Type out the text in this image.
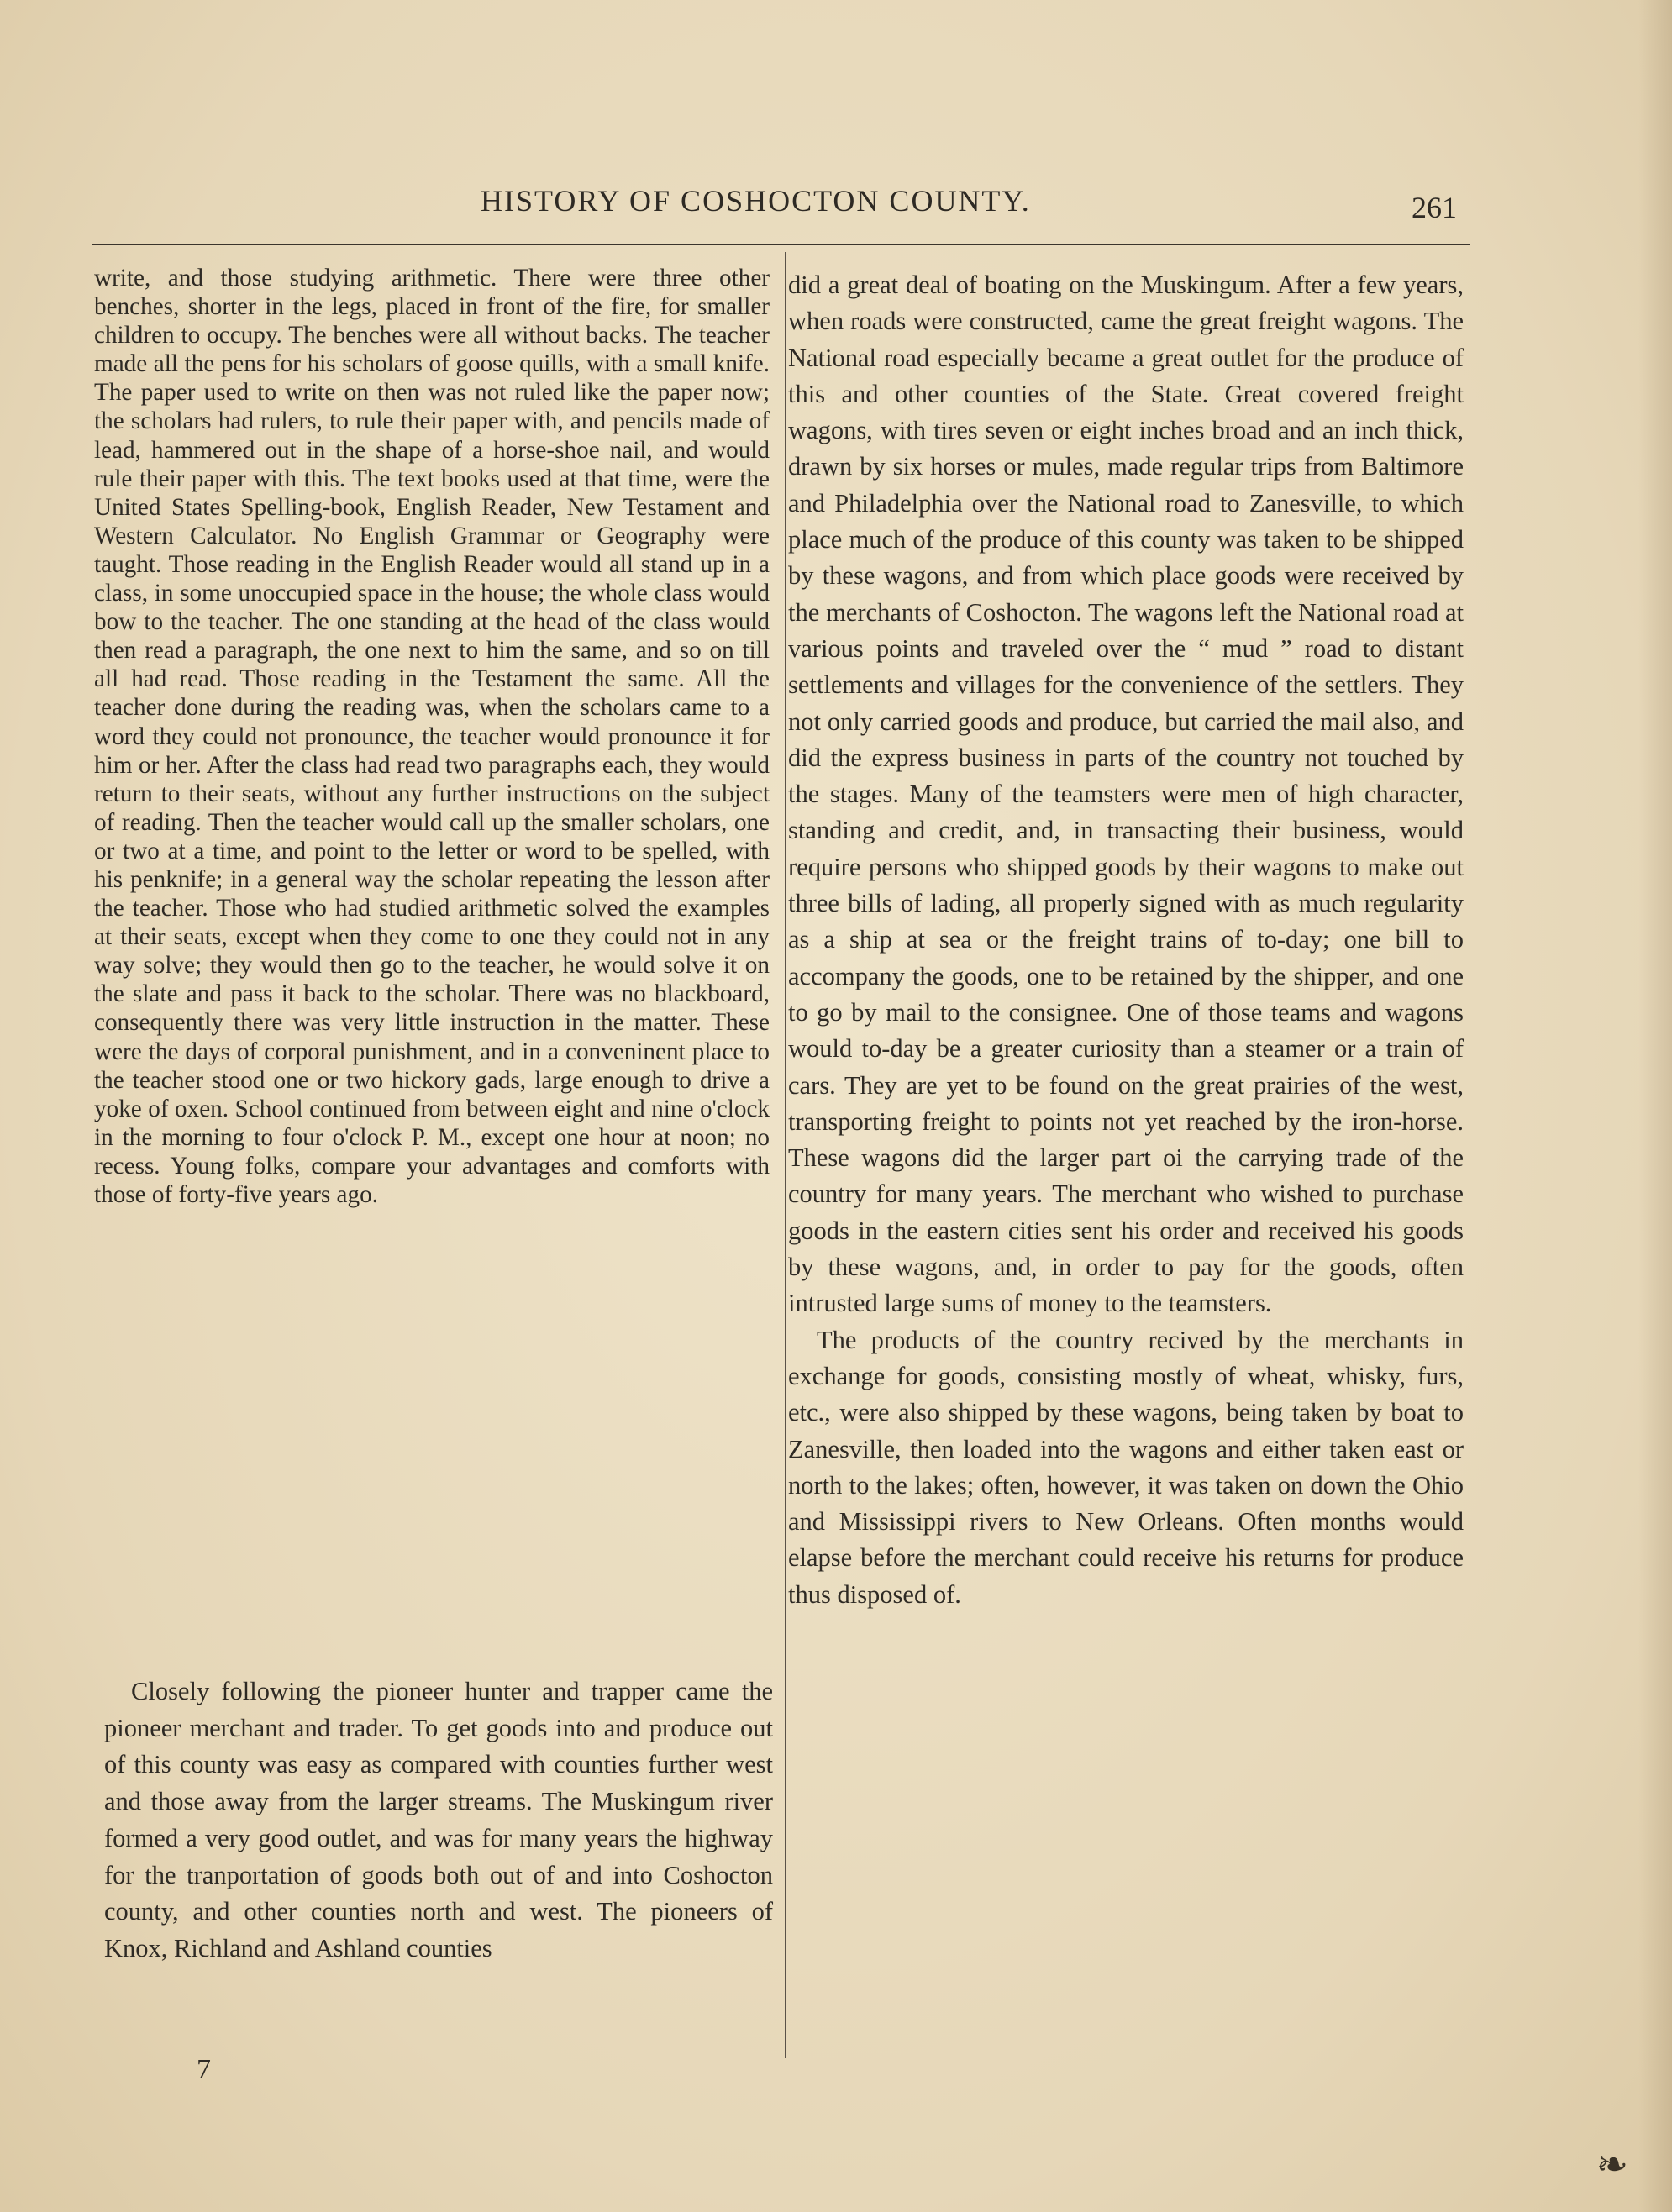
HISTORY OF COSHOCTON COUNTY.	261

write, and those studying arithmetic. There were three other benches, shorter in the legs, placed in front of the fire, for smaller children to occupy. The benches were all without backs. The teacher made all the pens for his scholars of goose quills, with a small knife. The paper used to write on then was not ruled like the paper now; the scholars had rulers, to rule their paper with, and pencils made of lead, hammered out in the shape of a horse-shoe nail, and would rule their paper with this. The text books used at that time, were the United States Spelling-book, English Reader, New Testament and Western Calculator. No English Grammar or Geography were taught. Those reading in the English Reader would all stand up in a class, in some unoccupied space in the house; the whole class would bow to the teacher. The one standing at the head of the class would then read a paragraph, the one next to him the same, and so on till all had read. Those reading in the Testament the same. All the teacher done during the reading was, when the scholars came to a word they could not pronounce, the teacher would pronounce it for him or her. After the class had read two paragraphs each, they would return to their seats, without any further instructions on the subject of reading. Then the teacher would call up the smaller scholars, one or two at a time, and point to the letter or word to be spelled, with his penknife; in a general way the scholar repeating the lesson after the teacher. Those who had studied arithmetic solved the examples at their seats, except when they come to one they could not in any way solve; they would then go to the teacher, he would solve it on the slate and pass it back to the scholar. There was no blackboard, consequently there was very little instruction in the matter. These were the days of corporal punishment, and in a conveninent place to the teacher stood one or two hickory gads, large enough to drive a yoke of oxen. School continued from between eight and nine o'clock in the morning to four o'clock P. M., except one hour at noon; no recess. Young folks, compare your advantages and comforts with those of forty-five years ago.

Closely following the pioneer hunter and trapper came the pioneer merchant and trader. To get goods into and produce out of this county was easy as compared with counties further west and those away from the larger streams. The Muskingum river formed a very good outlet, and was for many years the highway for the tranportation of goods both out of and into Coshocton county, and other counties north and west. The pioneers of Knox, Richland and Ashland counties

did a great deal of boating on the Muskingum. After a few years, when roads were constructed, came the great freight wagons. The National road especially became a great outlet for the produce of this and other counties of the State. Great covered freight wagons, with tires seven or eight inches broad and an inch thick, drawn by six horses or mules, made regular trips from Baltimore and Philadelphia over the National road to Zanesville, to which place much of the produce of this county was taken to be shipped by these wagons, and from which place goods were received by the merchants of Coshocton. The wagons left the National road at various points and traveled over the “ mud ” road to distant settlements and villages for the convenience of the settlers. They not only carried goods and produce, but carried the mail also, and did the express business in parts of the country not touched by the stages. Many of the teamsters were men of high character, standing and credit, and, in transacting their business, would require persons who shipped goods by their wagons to make out three bills of lading, all properly signed with as much regularity as a ship at sea or the freight trains of to-day; one bill to accompany the goods, one to be retained by the shipper, and one to go by mail to the consignee. One of those teams and wagons would to-day be a greater curiosity than a steamer or a train of cars. They are yet to be found on the great prairies of the west, transporting freight to points not yet reached by the iron-horse. These wagons did the larger part oi the carrying trade of the country for many years. The merchant who wished to purchase goods in the eastern cities sent his order and received his goods by these wagons, and, in order to pay for the goods, often intrusted large sums of money to the teamsters.

The products of the country recived by the merchants in exchange for goods, consisting mostly of wheat, whisky, furs, etc., were also shipped by these wagons, being taken by boat to Zanesville, then loaded into the wagons and either taken east or north to the lakes; often, however, it was taken on down the Ohio and Mississippi rivers to New Orleans. Often months would elapse before the merchant could receive his returns for produce thus disposed of.

7
❧
